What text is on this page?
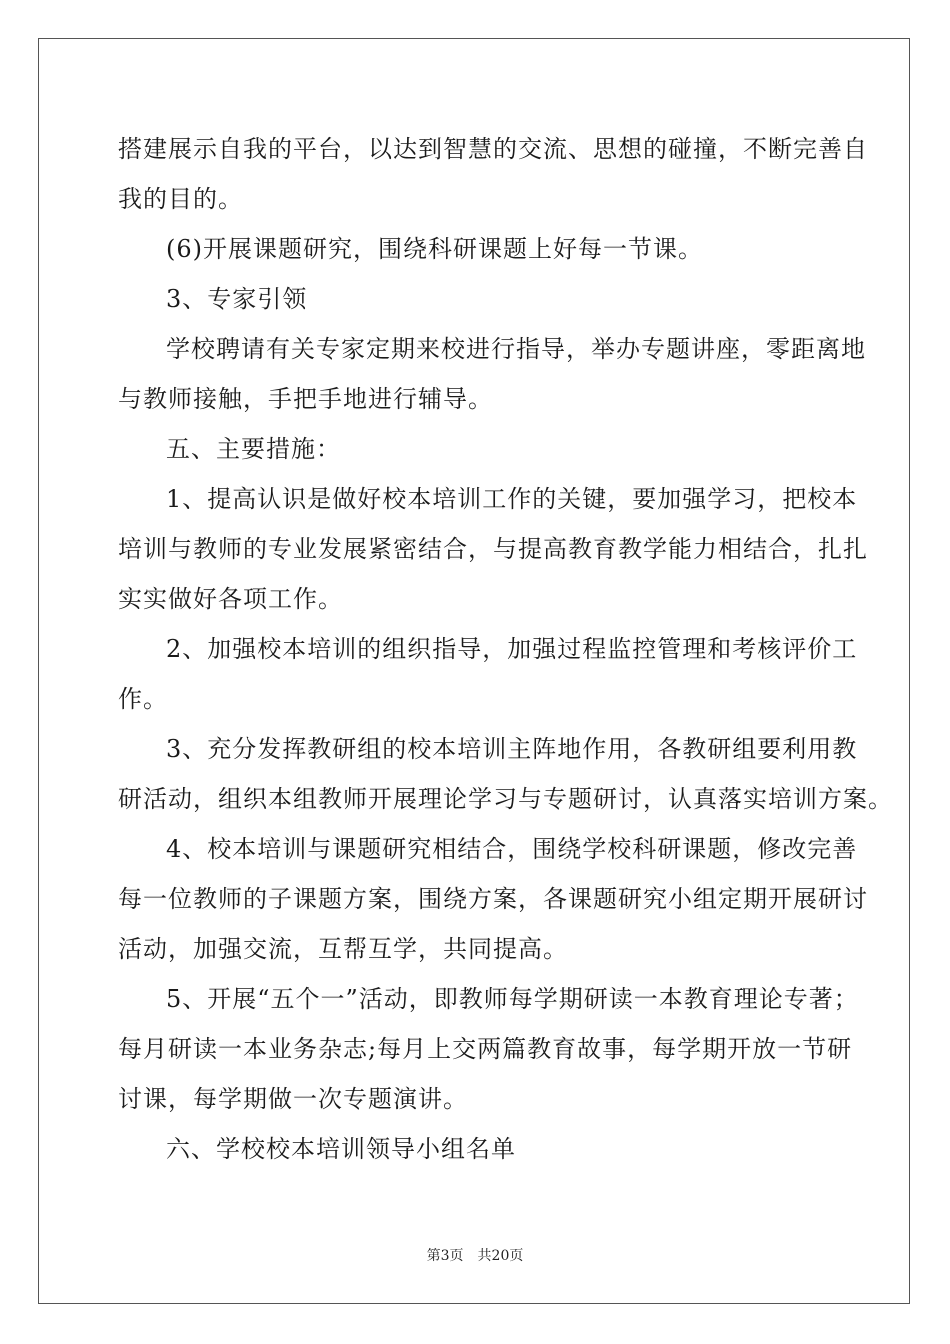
搭建展示自我的平台，以达到智慧的交流、思想的碰撞，不断完善自
我的目的。
(6)开展课题研究，围绕科研课题上好每一节课。
3、专家引领
学校聘请有关专家定期来校进行指导，举办专题讲座，零距离地
与教师接触，手把手地进行辅导。
五、主要措施：
1、提高认识是做好校本培训工作的关键，要加强学习，把校本
培训与教师的专业发展紧密结合，与提高教育教学能力相结合，扎扎
实实做好各项工作。
2、加强校本培训的组织指导，加强过程监控管理和考核评价工
作。
3、充分发挥教研组的校本培训主阵地作用，各教研组要利用教
研活动，组织本组教师开展理论学习与专题研讨，认真落实培训方案。
4、校本培训与课题研究相结合，围绕学校科研课题，修改完善
每一位教师的子课题方案，围绕方案，各课题研究小组定期开展研讨
活动，加强交流，互帮互学，共同提高。
5、开展“五个一”活动，即教师每学期研读一本教育理论专著；
每月研读一本业务杂志;每月上交两篇教育故事，每学期开放一节研
讨课，每学期做一次专题演讲。
六、学校校本培训领导小组名单
第3页　共20页
